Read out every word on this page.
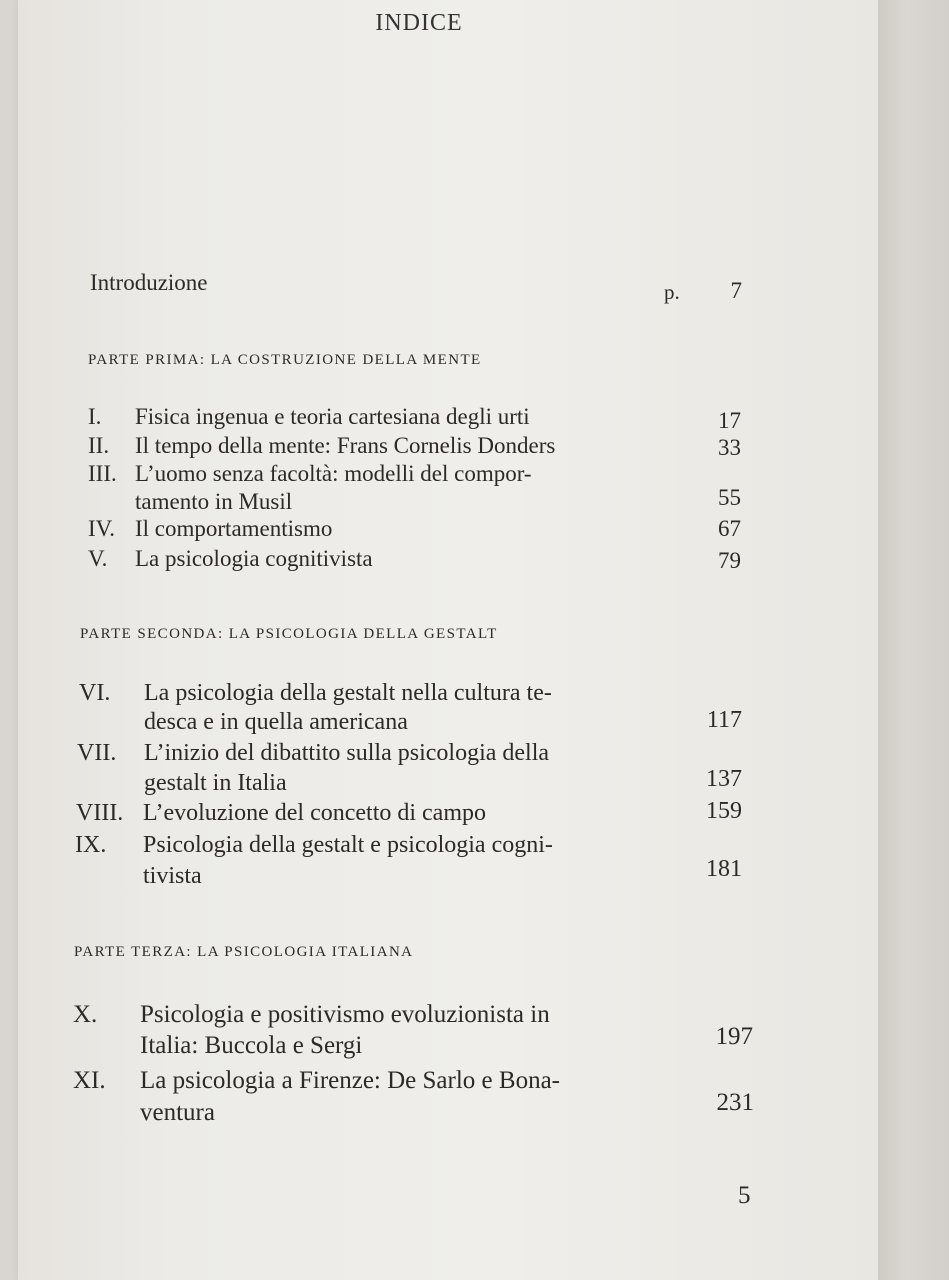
INDICE
Introduzione	p.	7
PARTE PRIMA: LA COSTRUZIONE DELLA MENTE
I. Fisica ingenua e teoria cartesiana degli urti	17
II. Il tempo della mente: Frans Cornelis Donders	33
III. L’uomo senza facoltà: modelli del compor-
tamento in Musil	55
IV. Il comportamentismo	67
V. La psicologia cognitivista	79
PARTE SECONDA: LA PSICOLOGIA DELLA GESTALT
VI. La psicologia della gestalt nella cultura te-
desca e in quella americana	117
VII. L’inizio del dibattito sulla psicologia della
gestalt in Italia	137
VIII. L’evoluzione del concetto di campo	159
IX. Psicologia della gestalt e psicologia cogni-
tivista	181
PARTE TERZA: LA PSICOLOGIA ITALIANA
X. Psicologia e positivismo evoluzionista in
Italia: Buccola e Sergi	197
XI. La psicologia a Firenze: De Sarlo e Bona-
ventura	231
5
